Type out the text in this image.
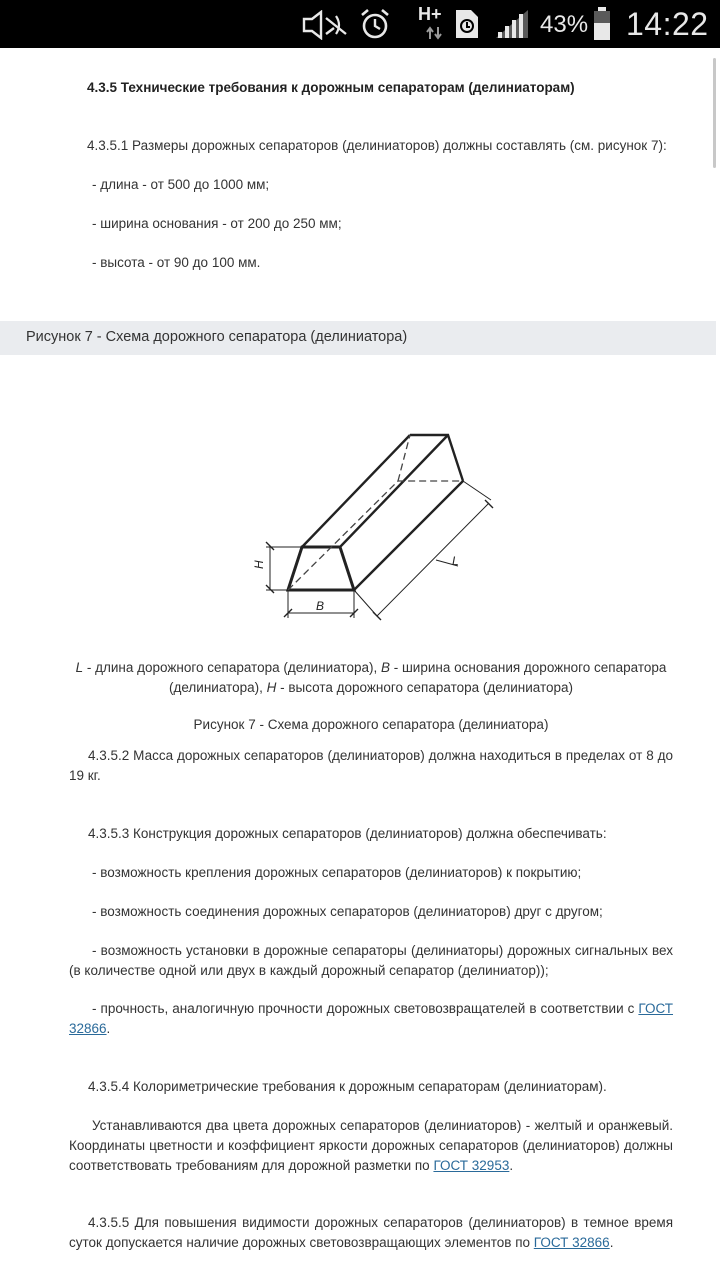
H+	43% 14:22
4.3.5 Технические требования к дорожным сепараторам (делиниаторам)
4.3.5.1 Размеры дорожных сепараторов (делиниаторов) должны составлять (см. рисунок 7):
- длина - от 500 до 1000 мм;
- ширина основания - от 200 до 250 мм;
- высота - от 90 до 100 мм.
Рисунок 7 - Схема дорожного сепаратора (делиниатора)
H
B
L
L - длина дорожного сепаратора (делиниатора), B - ширина основания дорожного сепаратора (делиниатора), H - высота дорожного сепаратора (делиниатора)
Рисунок 7 - Схема дорожного сепаратора (делиниатора)
4.3.5.2 Масса дорожных сепараторов (делиниаторов) должна находиться в пределах от 8 до 19 кг.
4.3.5.3 Конструкция дорожных сепараторов (делиниаторов) должна обеспечивать:
- возможность крепления дорожных сепараторов (делиниаторов) к покрытию;
- возможность соединения дорожных сепараторов (делиниаторов) друг с другом;
- возможность установки в дорожные сепараторы (делиниаторы) дорожных сигнальных вех (в количестве одной или двух в каждый дорожный сепаратор (делиниатор));
- прочность, аналогичную прочности дорожных световозвращателей в соответствии с ГОСТ 32866.
4.3.5.4 Колориметрические требования к дорожным сепараторам (делиниаторам).
Устанавливаются два цвета дорожных сепараторов (делиниаторов) - желтый и оранжевый. Координаты цветности и коэффициент яркости дорожных сепараторов (делиниаторов) должны соответствовать требованиям для дорожной разметки по ГОСТ 32953.
4.3.5.5 Для повышения видимости дорожных сепараторов (делиниаторов) в темное время суток допускается наличие дорожных световозвращающих элементов по ГОСТ 32866.
